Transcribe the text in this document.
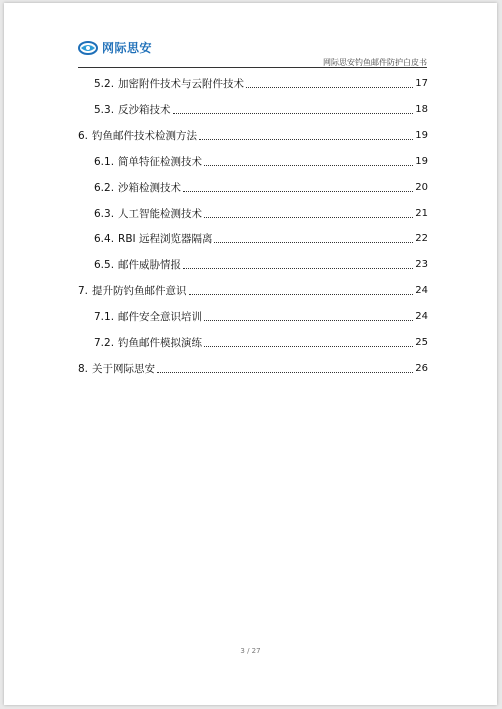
网际思安
网际思安钓鱼邮件防护白皮书
5.2. 加密附件技术与云附件技术	17
5.3. 反沙箱技术	18
6. 钓鱼邮件技术检测方法	19
6.1. 简单特征检测技术	19
6.2. 沙箱检测技术	20
6.3. 人工智能检测技术	21
6.4. RBI 远程浏览器隔离	22
6.5. 邮件威胁情报	23
7. 提升防钓鱼邮件意识	24
7.1. 邮件安全意识培训	24
7.2. 钓鱼邮件模拟演练	25
8. 关于网际思安	26
3 / 27
